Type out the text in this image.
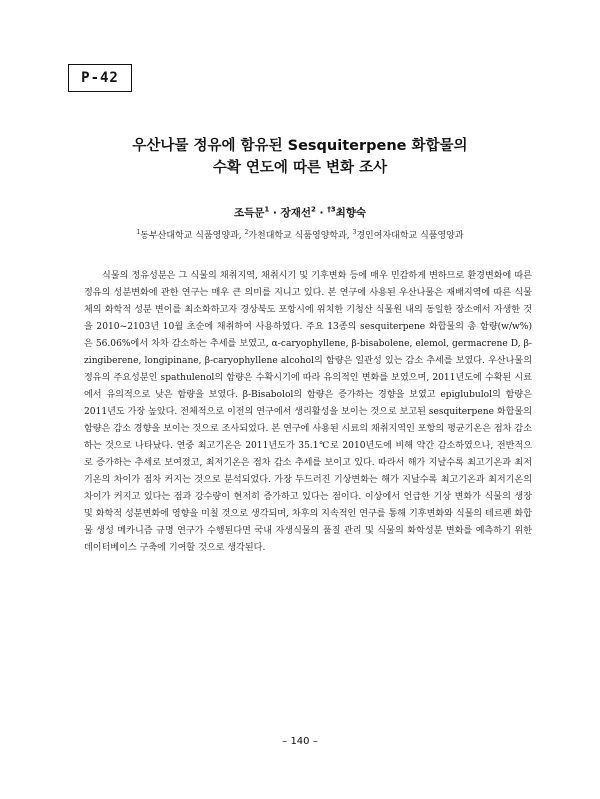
P-42
우산나물 정유에 함유된 Sesquiterpene 화합물의
수확 연도에 따른 변화 조사
조득문$^1$ · 장재선$^2$ · $^{\dagger 3}$최향숙
$^1$동부산대학교 식품영양과, $^2$가천대학교 식품영양학과, $^3$경인여자대학교 식품영양과

식물의 정유성분은 그 식물의 채취지역, 채취시기 및 기후변화 등에 매우 민감하게 변하므로 환경변화에 따른 정유의 성분변화에 관한 연구는 매우 큰 의미를 지니고 있다. 본 연구에 사용된 우산나물은 재배지역에 따른 식물체의 화학적 성분 변이를 최소화하고자 경상북도 포항시에 위치한 기청산 식물원 내의 동일한 장소에서 자생한 것을 2010~2103년 10월 초순에 채취하여 사용하였다. 주요 13종의 sesquiterpene 화합물의 총 함량(w/w%)은 56.06%에서 차차 감소하는 추세를 보였고, α-caryophyllene, β-bisabolene, elemol, germacrene D, β-zingiberene, longipinane, β-caryophyllene alcohol의 함량은 일관성 있는 감소 추세를 보였다. 우산나물의 정유의 주요성분인 spathulenol의 함량은 수확시기에 따라 유의적인 변화를 보였으며, 2011년도에 수확된 시료에서 유의적으로 낮은 함량을 보였다. β-Bisabolol의 함량은 증가하는 경향을 보였고 epiglubulol의 함량은 2011년도 가장 높았다. 전체적으로 이전의 연구에서 생리활성을 보이는 것으로 보고된 sesquiterpene 화합물의 함량은 감소 경향을 보이는 것으로 조사되었다. 본 연구에 사용된 시료의 채취지역인 포항의 평균기온은 점차 감소하는 것으로 나타났다. 연중 최고기온은 2011년도가 35.1℃로 2010년도에 비해 약간 감소하였으나, 전반적으로 증가하는 추세로 보여졌고, 최저기온은 점차 감소 추세를 보이고 있다. 따라서 해가 지날수록 최고기온과 최저기온의 차이가 점차 커지는 것으로 분석되었다. 가장 두드러진 기상변화는 해가 지날수록 최고기온과 최저기온의 차이가 커지고 있다는 점과 강수량이 현저히 증가하고 있다는 점이다. 이상에서 언급한 기상 변화가 식물의 생장 및 화학적 성분변화에 영향을 미칠 것으로 생각되며, 차후의 지속적인 연구를 통해 기후변화와 식물의 테르펜 화합물 생성 메카니즘 규명 연구가 수행된다면 국내 자생식물의 품질 관리 및 식물의 화학성분 변화를 예측하기 위한 데이터베이스 구축에 기여할 것으로 생각된다.

– 140 –
